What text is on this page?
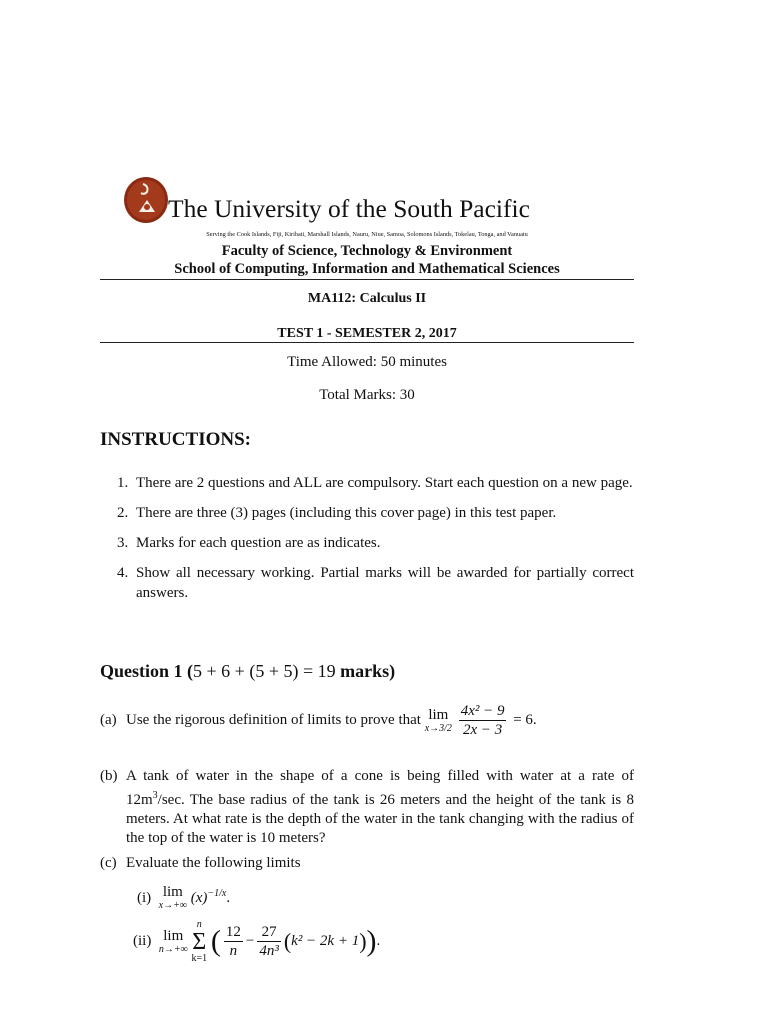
The University of the South Pacific
Serving the Cook Islands, Fiji, Kiribati, Marshall Islands, Nauru, Niue, Samoa, Solomons Islands, Tokelau, Tonga, and Vanuatu
Faculty of Science, Technology & Environment
School of Computing, Information and Mathematical Sciences
MA112: Calculus II
TEST 1 - SEMESTER 2, 2017
Time Allowed: 50 minutes
Total Marks: 30
INSTRUCTIONS:
1. There are 2 questions and ALL are compulsory. Start each question on a new page.
2. There are three (3) pages (including this cover page) in this test paper.
3. Marks for each question are as indicates.
4. Show all necessary working. Partial marks will be awarded for partially correct answers.
Question 1 (5 + 6 + (5 + 5) = 19 marks)
(a) Use the rigorous definition of limits to prove that lim
x→3/2
$\frac{\text{4x² − 9}}{2x - 3} = 6$.
(b) A tank of water in the shape of a cone is being filled with water at a rate of $12m^3/\sec$. The base radius of the tank is 26 meters and the height of the tank is 8 meters. At what rate is the depth of the water in the tank changing with the radius of the top of the water is 10 meters?
(c) Evaluate the following limits
(i) lim
x→+∞ $(x)^{-1/x}$.
(ii) lim
n→+∞

n
Σ
k=1
( $\frac{12}{n} - \frac{27}{\text{4n³}} (k^2 - 2k + 1)$).
